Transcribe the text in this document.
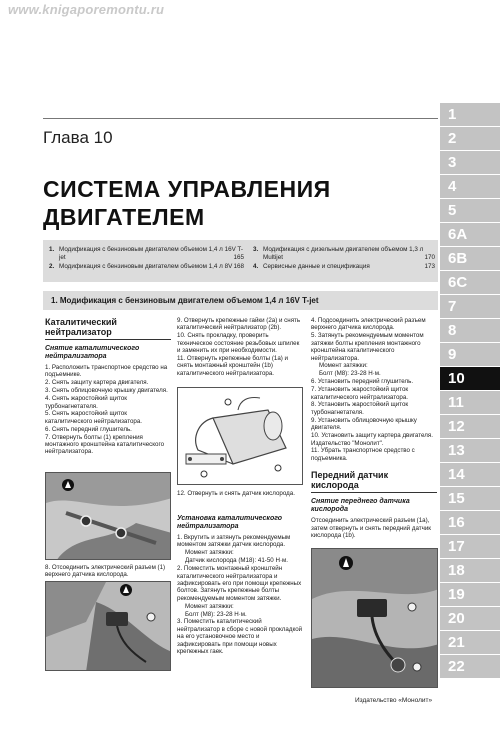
www.knigaporemontu.ru
1
2
3
4
5
6A
6B
6C
7
8
9
10
11
12
13
14
15
16
17
18
19
20
21
22
Глава 10
СИСТЕМА УПРАВЛЕНИЯ
ДВИГАТЕЛЕМ
1. Модификация с бензиновым двигателем объемом 1,4 л 16V T-jet	165
2. Модификация с бензиновым двигателем объемом 1,4 л 8V 168
3. Модификация с дизельным двигателем объемом 1,3 л Multijet	170
4. Сервисные данные и спецификация	173
1. Модификация с бензиновым двигателем объемом 1,4 л 16V T-jet
Каталитический нейтрализатор
Снятие каталитического нейтрализатора

1. Расположить транспортное средство на подъемнике.

2. Снять защиту картера двигателя.

3. Снять облицовочную крышку двигателя.

4. Снять жаростойкий щиток турбонагнетателя.

5. Снять жаростойкий щиток каталитического нейтрализатора.

6. Снять передний глушитель.

7. Отвернуть болты (1) крепления монтажного кронштейна каталитического нейтрализатора.

8. Отсоединить электрический разъем (1) верхнего датчика кислорода.

9. Отвернуть крепежные гайки (2а) и снять каталитический нейтрализатор (2b).

10. Снять прокладку, проверить техническое состояние резьбовых шпилек и заменить их при необходимости.

11. Отвернуть крепежные болты (1а) и снять монтажный кронштейн (1b) каталитического нейтрализатора.

12. Отвернуть и снять датчик кислорода.
Установка каталитического нейтрализатора

1. Вкрутить и затянуть рекомендуемым моментом затяжки датчик кислорода.

Момент затяжки:

Датчик кислорода (M18): 41-50 Н·м.

2. Поместить монтажный кронштейн каталитического нейтрализатора и зафиксировать его при помощи крепежных болтов. Затянуть крепежные болты рекомендуемым моментом затяжки.

Момент затяжки:

Болт (M8): 23-28 Н·м.

3. Поместить каталитический нейтрализатор в сборе с новой прокладкой на его установочное место и зафиксировать при помощи новых крепежных гаек.

4. Подсоединить электрический разъем верхнего датчика кислорода.

5. Затянуть рекомендуемым моментом затяжки болты крепления монтажного кронштейна каталитического нейтрализатора.

Момент затяжки:

Болт (M8): 23-28 Н·м.

6. Установить передний глушитель.

7. Установить жаростойкий щиток каталитического нейтрализатора.

8. Установить жаростойкий щиток турбонагнетателя.

9. Установить облицовочную крышку двигателя.

10. Установить защиту картера двигателя. Издательство "Монолит".

11. Убрать транспортное средство с подъемника.

Передний датчик кислорода
Снятие переднего датчика кислорода

Отсоединить электрический разъем (1а), затем отвернуть и снять передний датчик кислорода (1b).

Издательство «Монолит»
